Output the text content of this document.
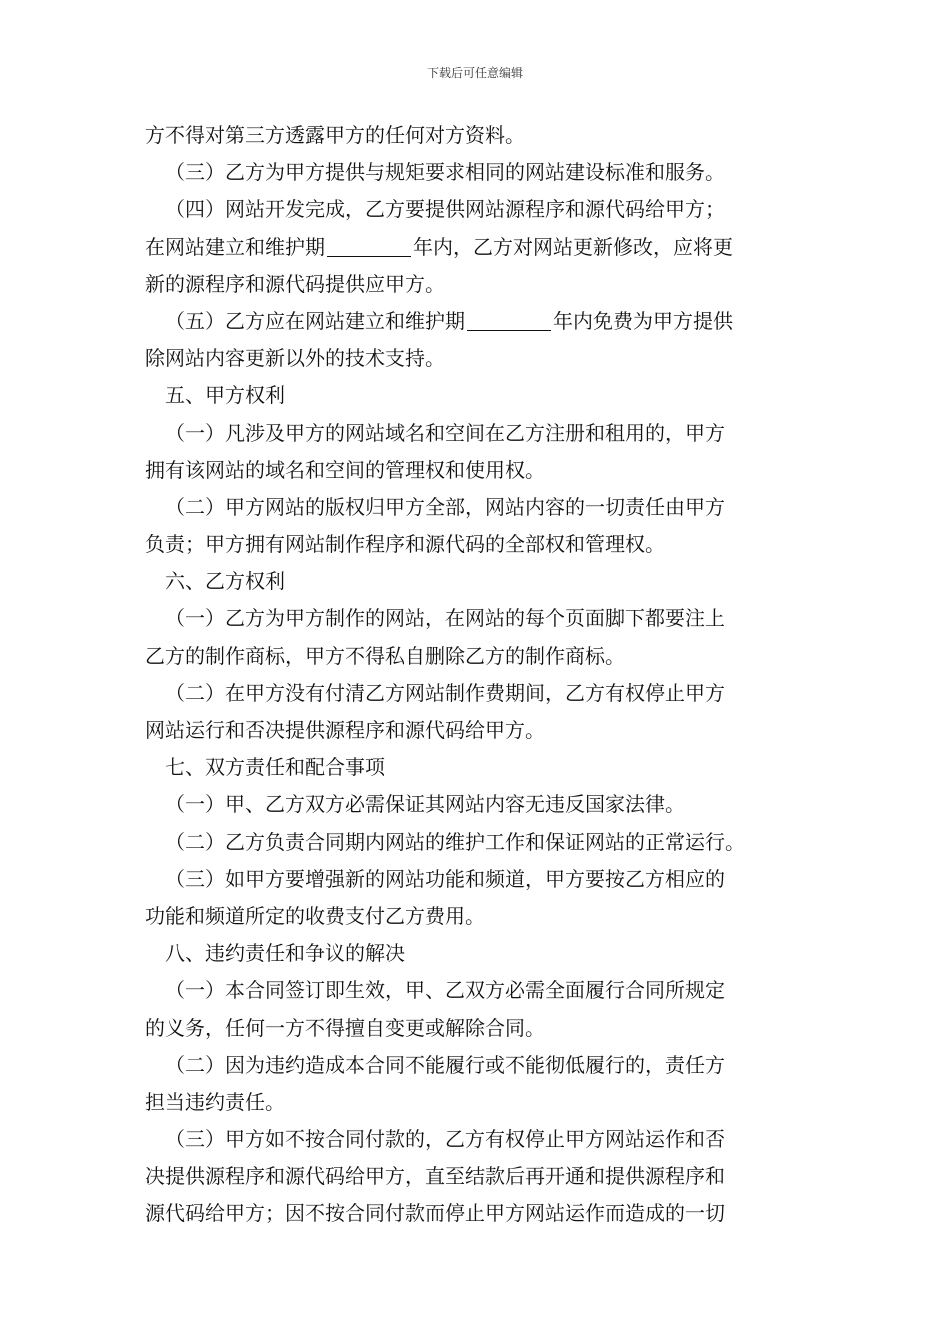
下载后可任意编辑
方不得对第三方透露甲方的任何对方资料。
（三）乙方为甲方提供与规矩要求相同的网站建设标准和服务。
（四）网站开发完成，乙方要提供网站源程序和源代码给甲方；
在网站建立和维护期	年内，乙方对网站更新修改，应将更
新的源程序和源代码提供应甲方。
（五）乙方应在网站建立和维护期	年内免费为甲方提供
除网站内容更新以外的技术支持。
五、甲方权利
（一）凡涉及甲方的网站域名和空间在乙方注册和租用的，甲方
拥有该网站的域名和空间的管理权和使用权。
（二）甲方网站的版权归甲方全部，网站内容的一切责任由甲方
负责；甲方拥有网站制作程序和源代码的全部权和管理权。
六、乙方权利
（一）乙方为甲方制作的网站，在网站的每个页面脚下都要注上
乙方的制作商标，甲方不得私自删除乙方的制作商标。
（二）在甲方没有付清乙方网站制作费期间，乙方有权停止甲方
网站运行和否决提供源程序和源代码给甲方。
七、双方责任和配合事项
（一）甲、乙方双方必需保证其网站内容无违反国家法律。
（二）乙方负责合同期内网站的维护工作和保证网站的正常运行。
（三）如甲方要增强新的网站功能和频道，甲方要按乙方相应的
功能和频道所定的收费支付乙方费用。
八、违约责任和争议的解决
（一）本合同签订即生效，甲、乙双方必需全面履行合同所规定
的义务，任何一方不得擅自变更或解除合同。
（二）因为违约造成本合同不能履行或不能彻低履行的，责任方
担当违约责任。
（三）甲方如不按合同付款的，乙方有权停止甲方网站运作和否
决提供源程序和源代码给甲方，直至结款后再开通和提供源程序和
源代码给甲方；因不按合同付款而停止甲方网站运作而造成的一切
